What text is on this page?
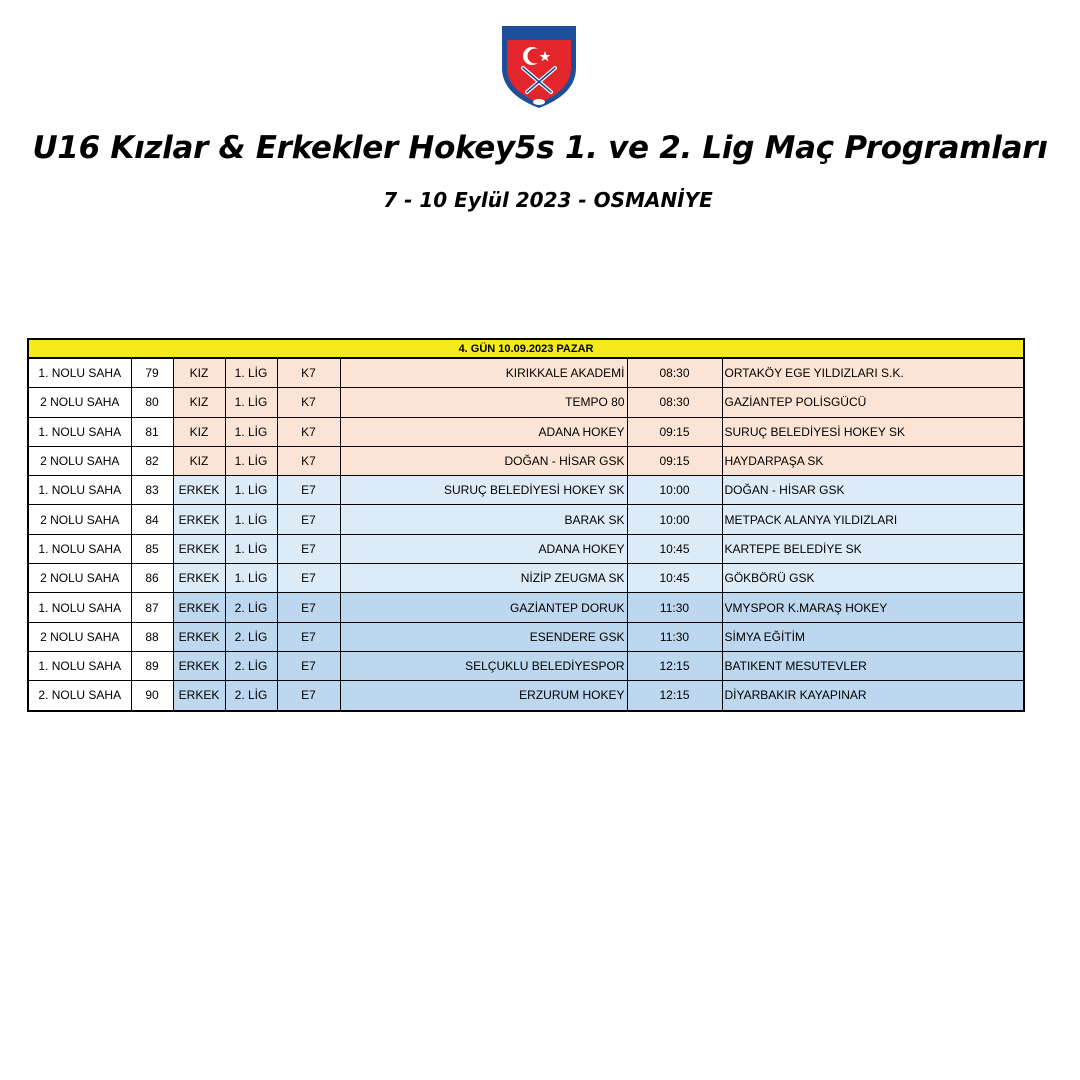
U16 Kızlar & Erkekler Hokey5s 1. ve 2. Lig Maç Programları
7 - 10 Eylül 2023 - OSMANİYE
4. GÜN 10.09.2023 PAZAR							
1. NOLU SAHA	79	KIZ	1. LİG	K7	KIRIKKALE AKADEMİ	08:30	ORTAKÖY EGE YILDIZLARI S.K.
2 NOLU SAHA	80	KIZ	1. LİG	K7	TEMPO 80	08:30	GAZİANTEP POLİSGÜCÜ
1. NOLU SAHA	81	KIZ	1. LİG	K7	ADANA HOKEY	09:15	SURUÇ BELEDİYESİ HOKEY SK
2 NOLU SAHA	82	KIZ	1. LİG	K7	DOĞAN - HİSAR GSK	09:15	HAYDARPAŞA SK
1. NOLU SAHA	83	ERKEK	1. LİG	E7	SURUÇ BELEDİYESİ HOKEY SK	10:00	DOĞAN - HİSAR GSK
2 NOLU SAHA	84	ERKEK	1. LİG	E7	BARAK SK	10:00	METPACK ALANYA YILDIZLARI
1. NOLU SAHA	85	ERKEK	1. LİG	E7	ADANA HOKEY	10:45	KARTEPE BELEDİYE SK
2 NOLU SAHA	86	ERKEK	1. LİG	E7	NİZİP ZEUGMA SK	10:45	GÖKBÖRÜ GSK
1. NOLU SAHA	87	ERKEK	2. LİG	E7	GAZİANTEP DORUK	11:30	VMYSPOR K.MARAŞ HOKEY
2 NOLU SAHA	88	ERKEK	2. LİG	E7	ESENDERE GSK	11:30	SİMYA EĞİTİM
1. NOLU SAHA	89	ERKEK	2. LİG	E7	SELÇUKLU BELEDİYESPOR	12:15	BATIKENT MESUTEVLER
2. NOLU SAHA	90	ERKEK	2. LİG	E7	ERZURUM HOKEY	12:15	DİYARBAKIR KAYAPINAR
